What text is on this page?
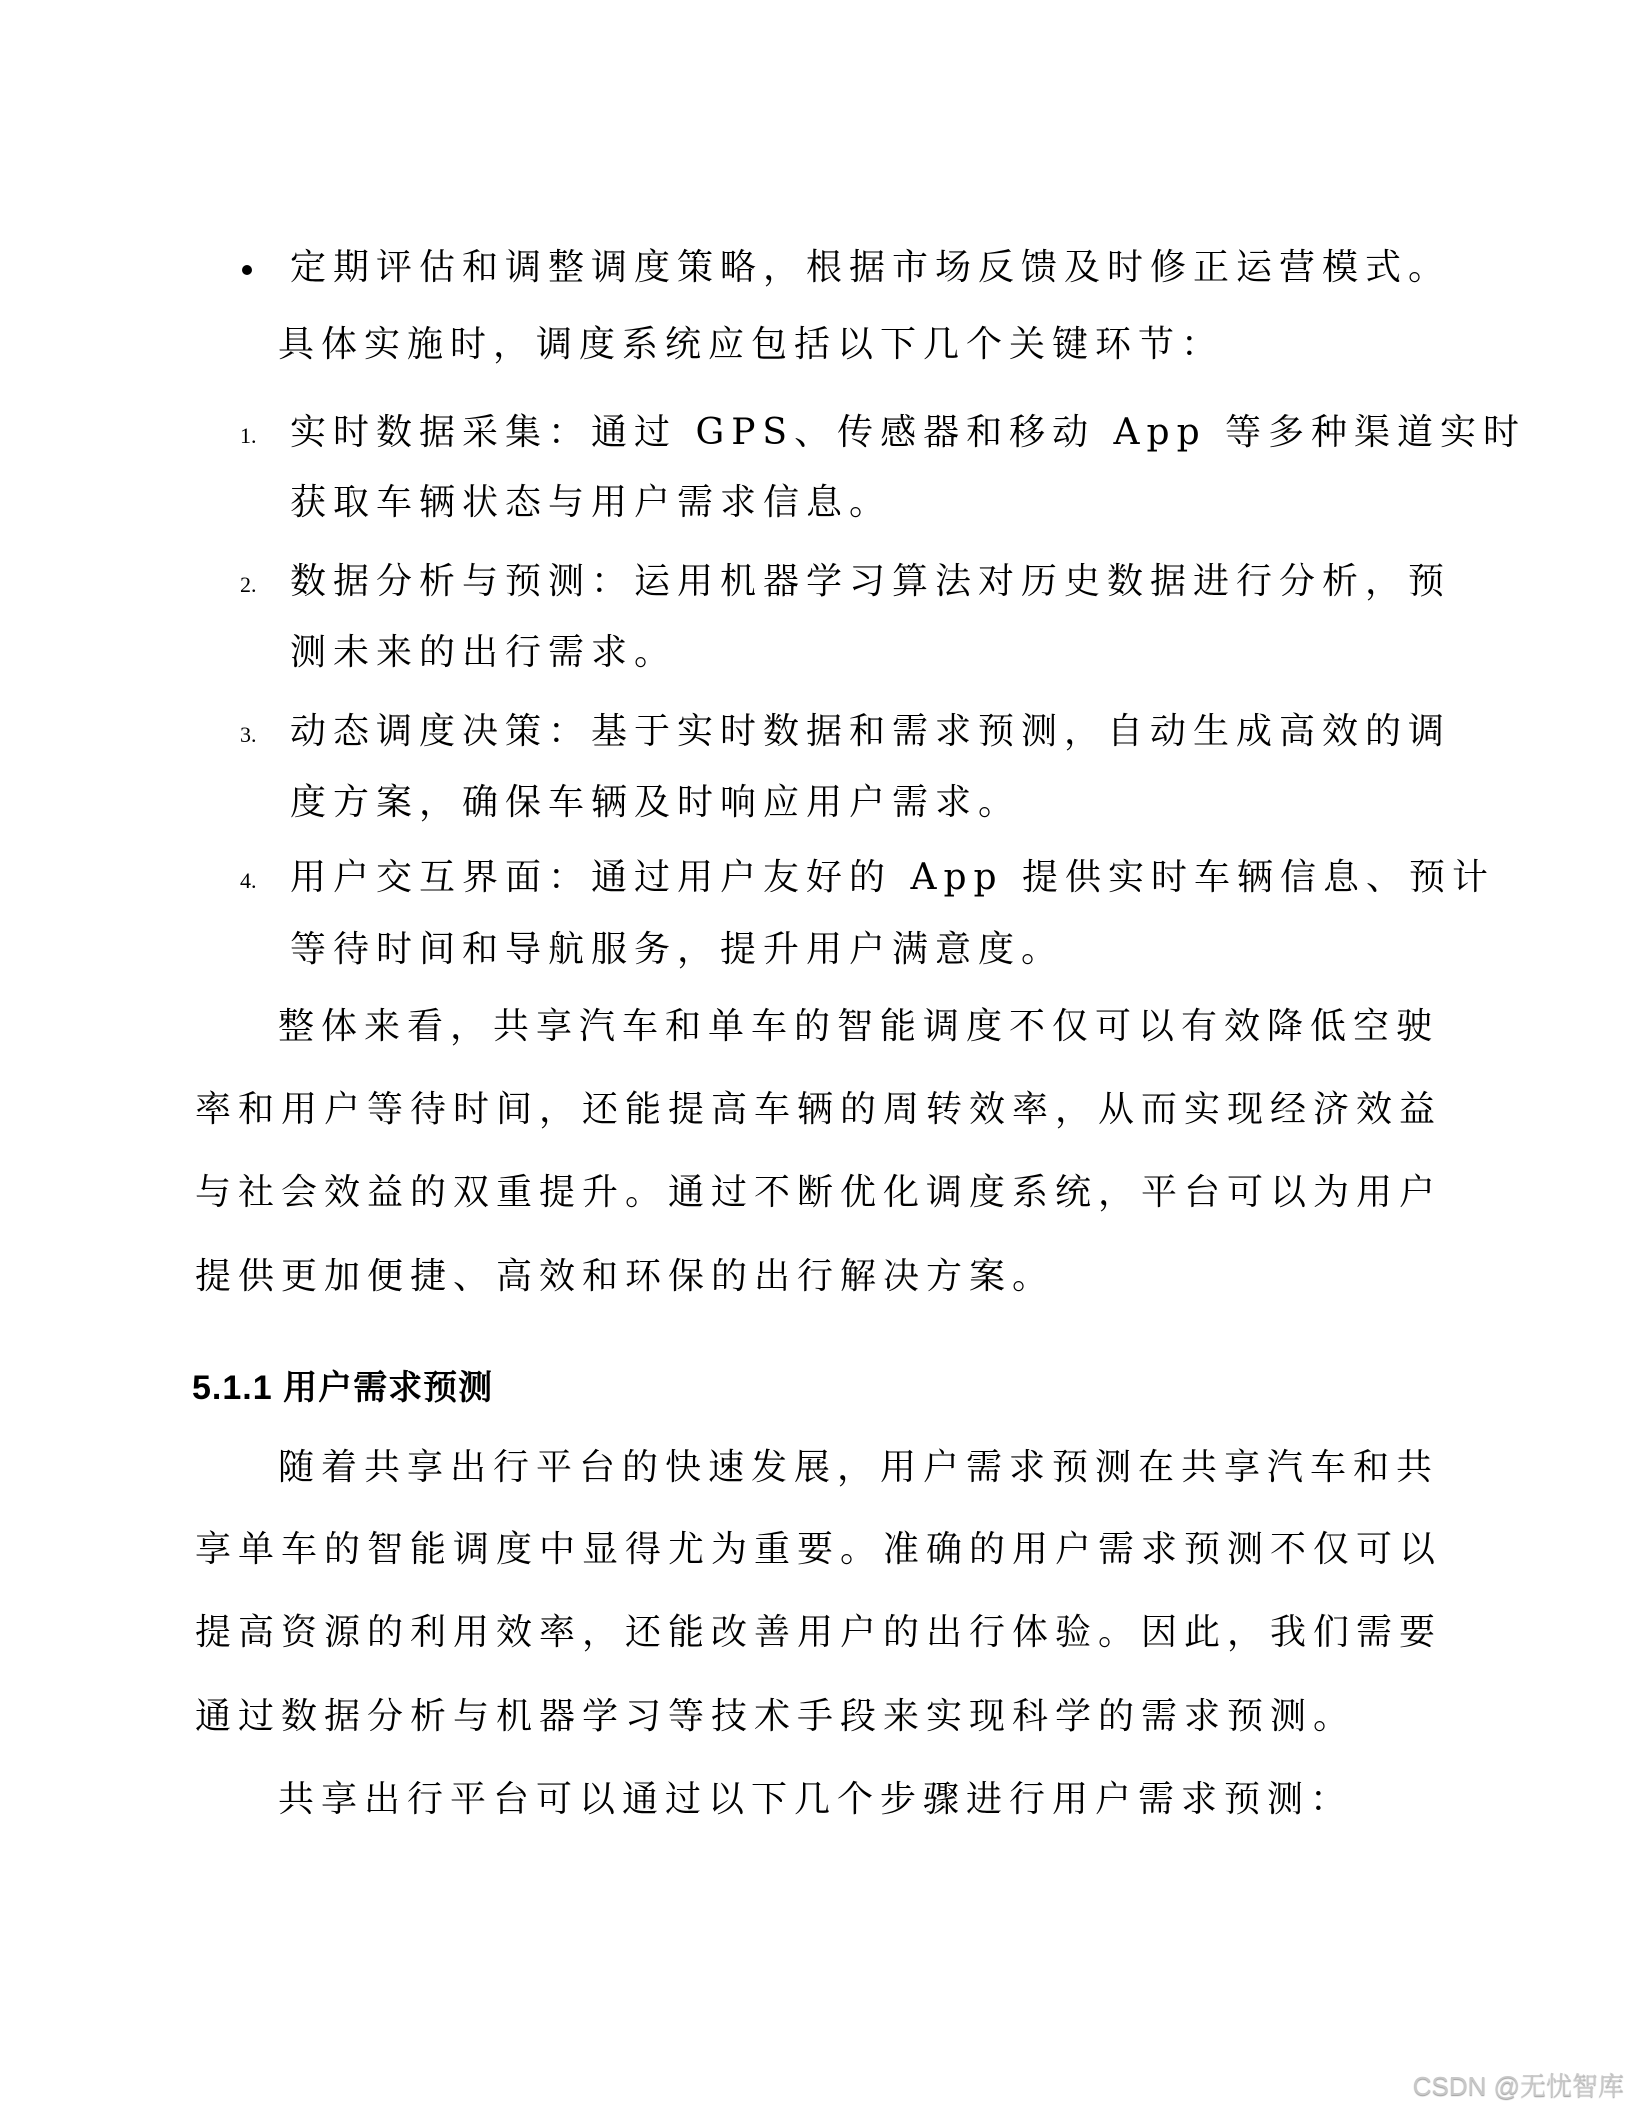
定期评估和调整调度策略，根据市场反馈及时修正运营模式。
具体实施时，调度系统应包括以下几个关键环节：
1. 实时数据采集：通过 GPS、传感器和移动 App 等多种渠道实时
获取车辆状态与用户需求信息。
2. 数据分析与预测：运用机器学习算法对历史数据进行分析，预
测未来的出行需求。
3. 动态调度决策：基于实时数据和需求预测，自动生成高效的调
度方案，确保车辆及时响应用户需求。
4. 用户交互界面：通过用户友好的 App 提供实时车辆信息、预计
等待时间和导航服务，提升用户满意度。
整体来看，共享汽车和单车的智能调度不仅可以有效降低空驶
率和用户等待时间，还能提高车辆的周转效率，从而实现经济效益
与社会效益的双重提升。通过不断优化调度系统，平台可以为用户
提供更加便捷、高效和环保的出行解决方案。
5.1.1 用户需求预测
随着共享出行平台的快速发展，用户需求预测在共享汽车和共
享单车的智能调度中显得尤为重要。准确的用户需求预测不仅可以
提高资源的利用效率，还能改善用户的出行体验。因此，我们需要
通过数据分析与机器学习等技术手段来实现科学的需求预测。
共享出行平台可以通过以下几个步骤进行用户需求预测：
CSDN @无忧智库
